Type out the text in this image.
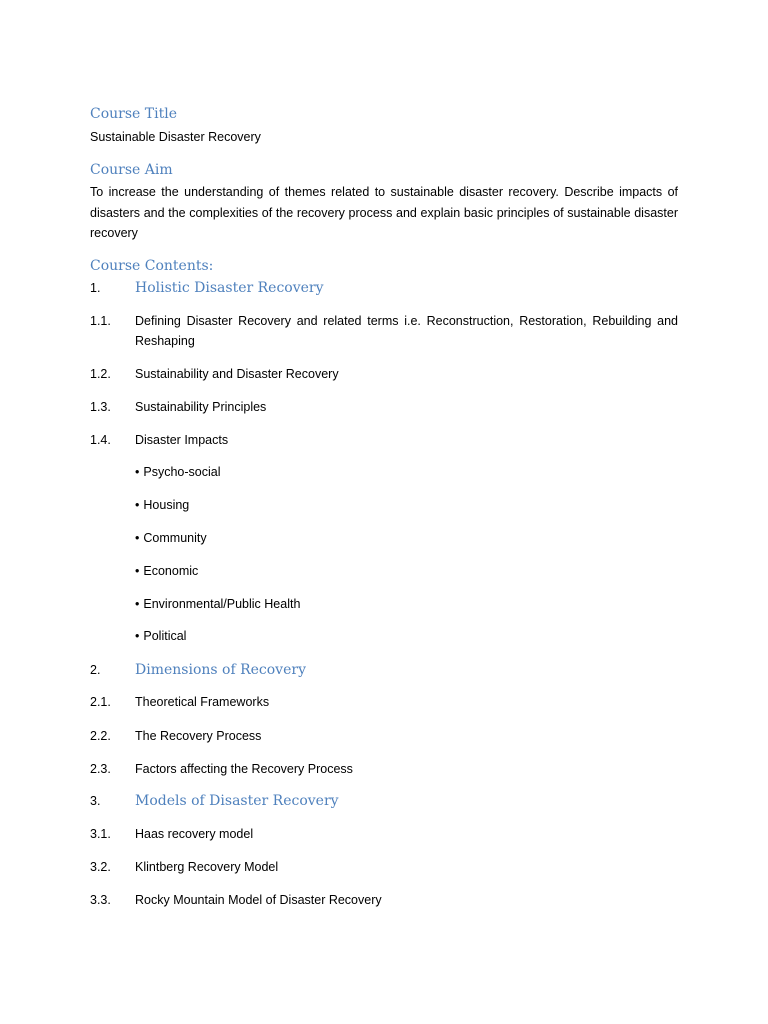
Course Title
Sustainable Disaster Recovery
Course Aim
To increase the understanding of themes related to sustainable disaster recovery. Describe impacts of disasters and the complexities of the recovery process and explain basic principles of sustainable disaster recovery
Course Contents:
1.	Holistic Disaster Recovery
1.1.	Defining Disaster Recovery and related terms i.e. Reconstruction, Restoration, Rebuilding and Reshaping
1.2.	Sustainability and Disaster Recovery
1.3.	Sustainability Principles
1.4.	Disaster Impacts
• Psycho-social
• Housing
• Community
• Economic
• Environmental/Public Health
• Political
2.	Dimensions of Recovery
2.1.	Theoretical Frameworks
2.2.	The Recovery Process
2.3.	Factors affecting the Recovery Process
3.	Models of Disaster Recovery
3.1.	Haas recovery model
3.2.	Klintberg Recovery Model
3.3.	Rocky Mountain Model of Disaster Recovery
